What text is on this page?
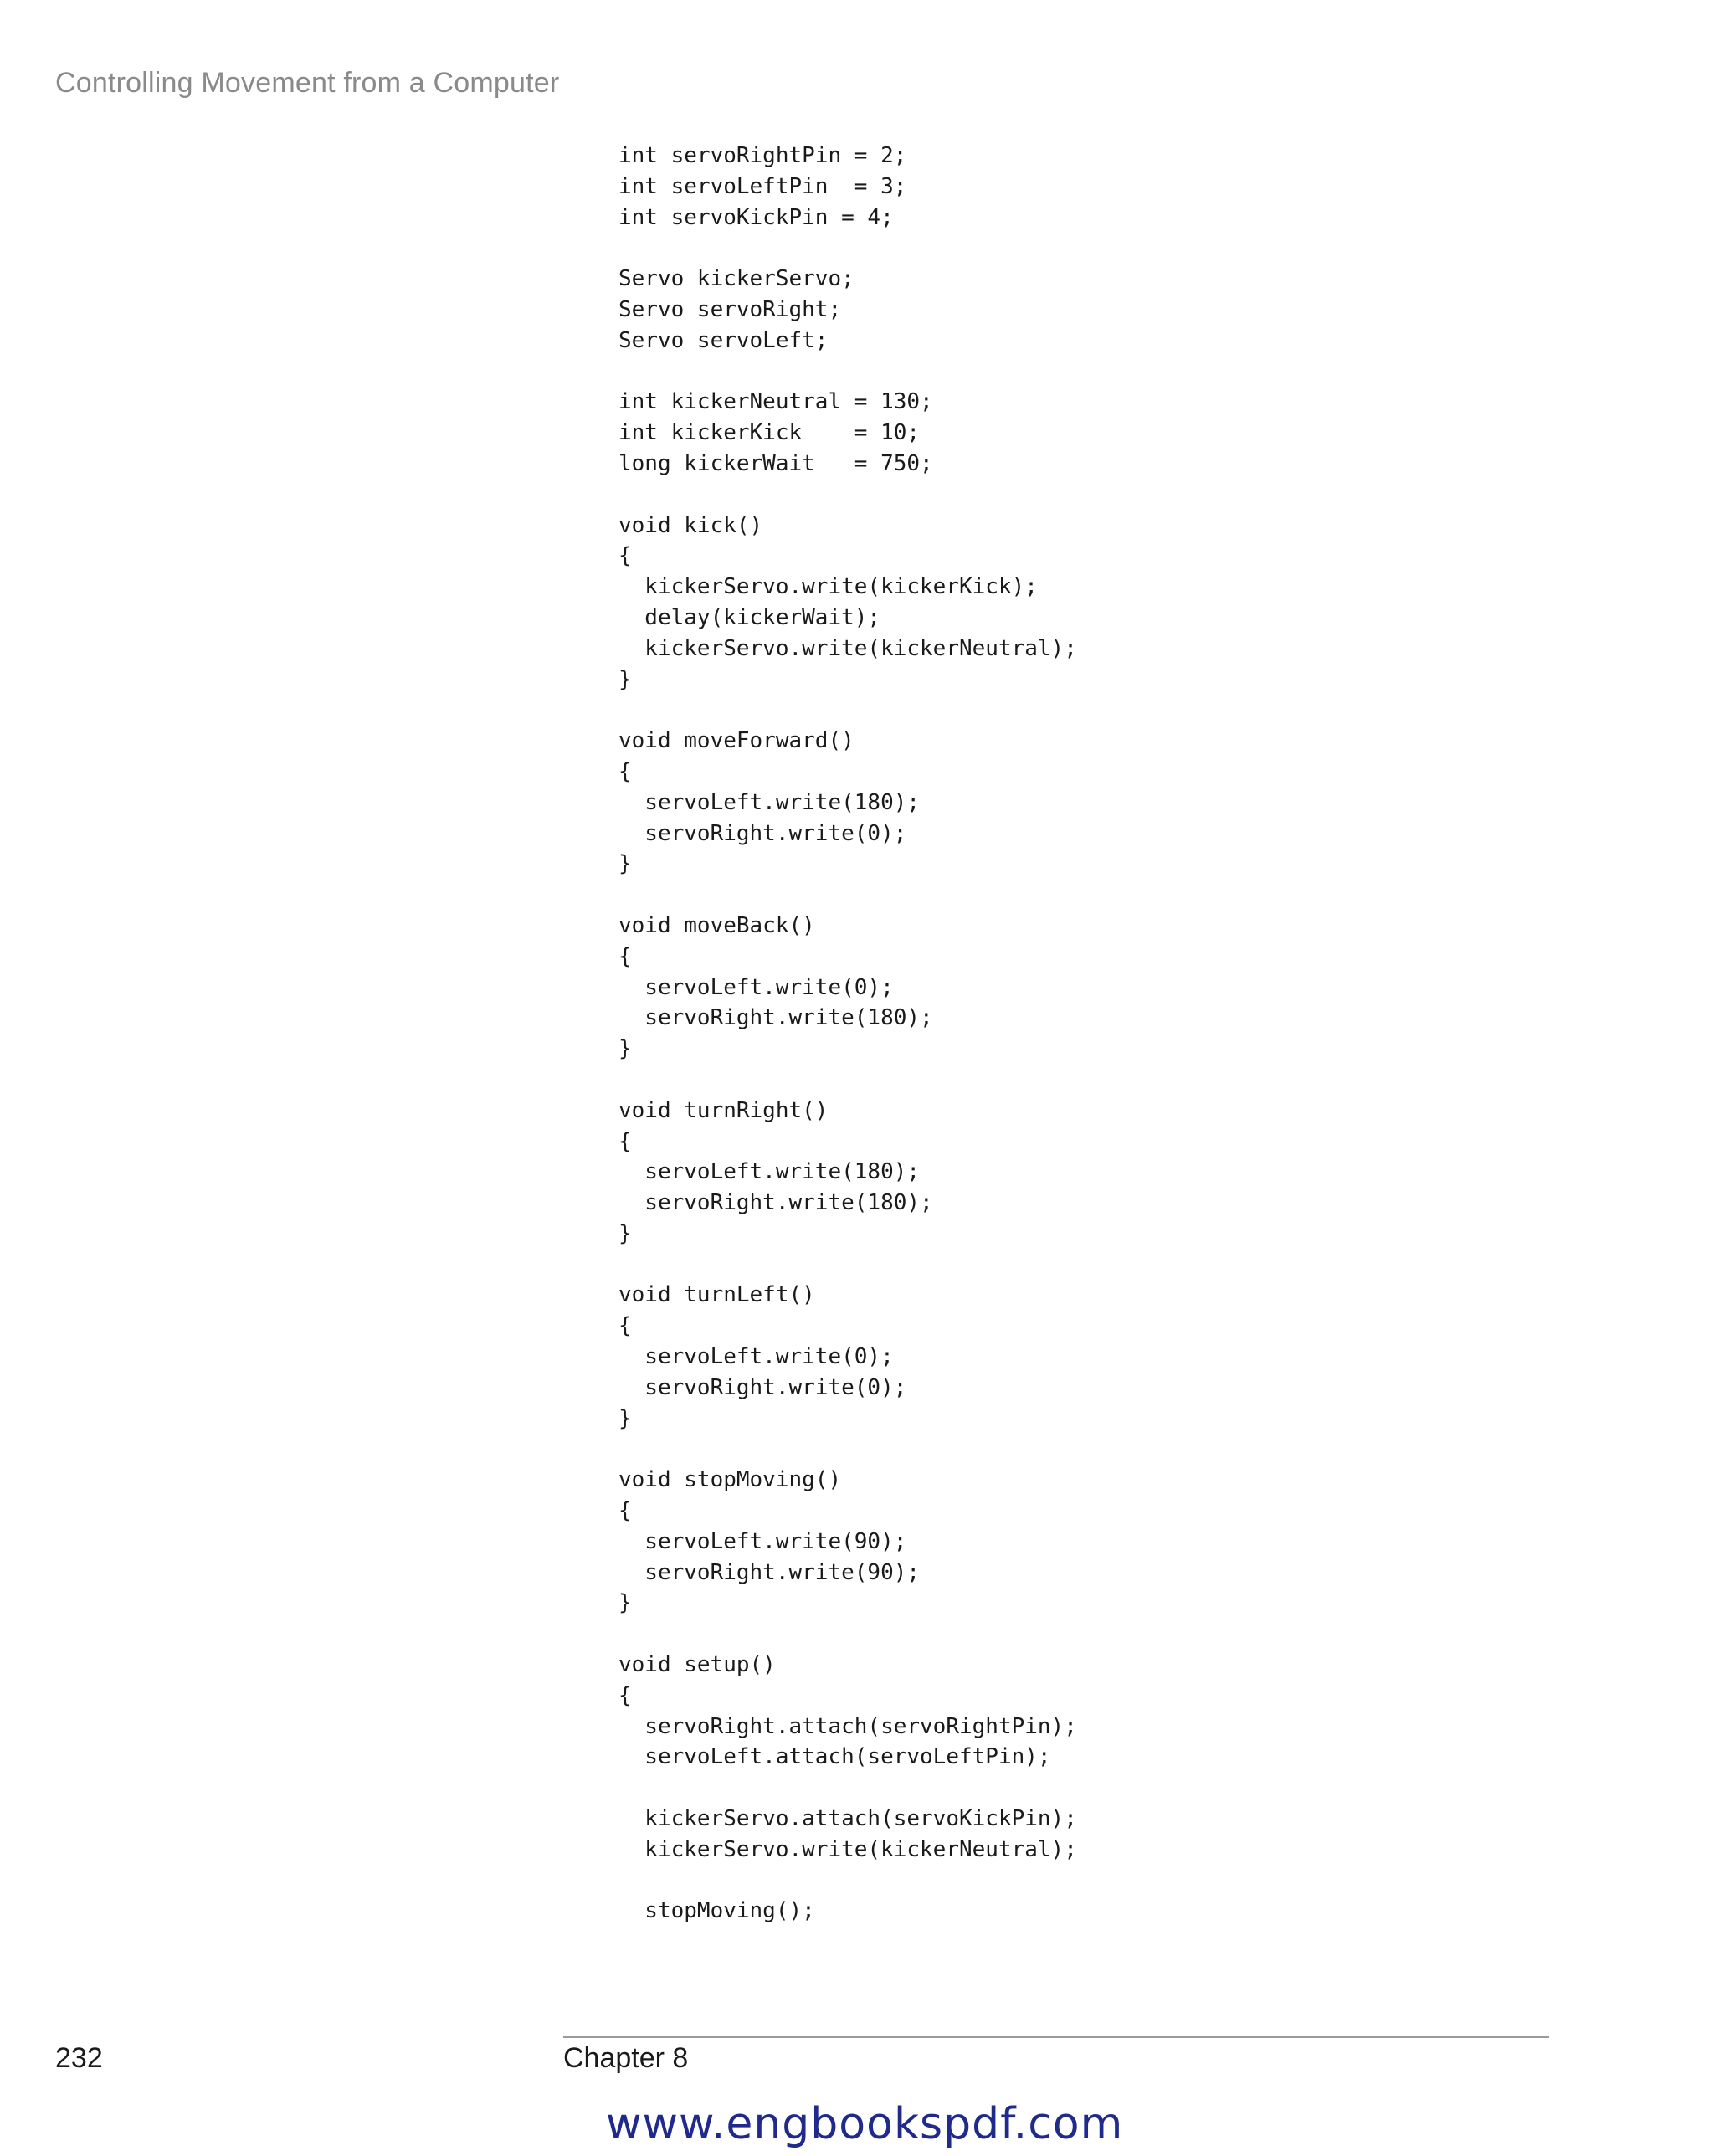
Controlling Movement from a Computer
int servoRightPin = 2;
int servoLeftPin  = 3;
int servoKickPin = 4;
Servo kickerServo;
Servo servoRight;
Servo servoLeft;
int kickerNeutral = 130;
int kickerKick    = 10;
long kickerWait   = 750;
void kick()
{
kickerServo.write(kickerKick);
delay(kickerWait);
kickerServo.write(kickerNeutral);
}
void moveForward()
{
servoLeft.write(180);
servoRight.write(0);
}
void moveBack()
{
servoLeft.write(0);
servoRight.write(180);
}
void turnRight()
{
servoLeft.write(180);
servoRight.write(180);
}
void turnLeft()
{
servoLeft.write(0);
servoRight.write(0);
}
void stopMoving()
{
servoLeft.write(90);
servoRight.write(90);
}
void setup()
{
servoRight.attach(servoRightPin);
servoLeft.attach(servoLeftPin);
kickerServo.attach(servoKickPin);
kickerServo.write(kickerNeutral);
stopMoving();
232	Chapter 8
www.engbookspdf.com
